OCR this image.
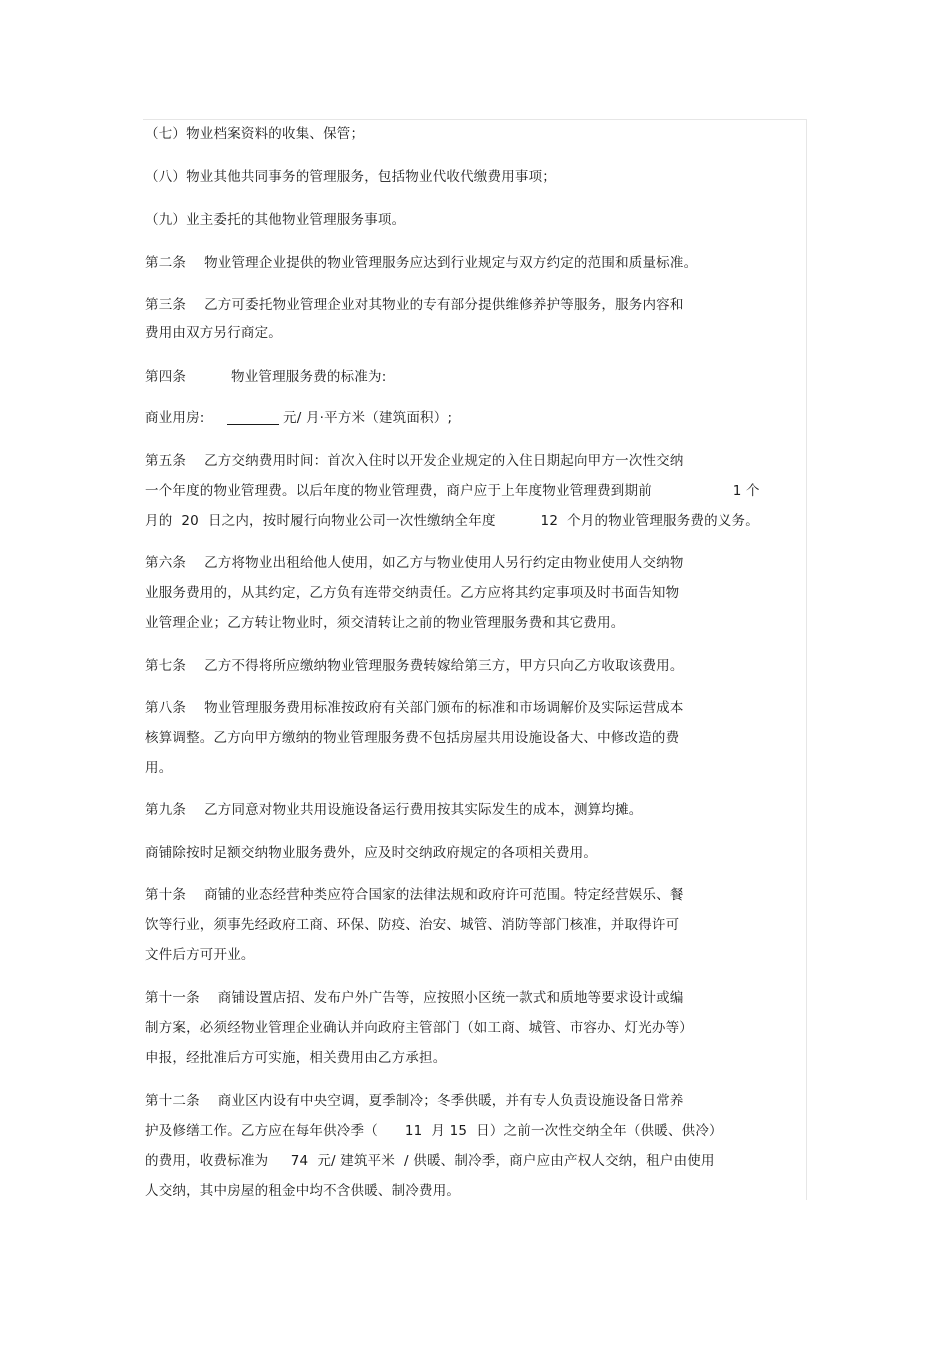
（七）物业档案资料的收集、保管；
（八）物业其他共同事务的管理服务，包括物业代收代缴费用事项；
（九）业主委托的其他物业管理服务事项。
第二条    物业管理企业提供的物业管理服务应达到行业规定与双方约定的范围和质量标准。
第三条    乙方可委托物业管理企业对其物业的专有部分提供维修养护等服务，服务内容和
费用由双方另行商定。
第四条          物业管理服务费的标准为:
商业用房:	元/ 月·平方米（建筑面积）;
第五条    乙方交纳费用时间：首次入住时以开发企业规定的入住日期起向甲方一次性交纳
一个年度的物业管理费。以后年度的物业管理费，商户应于上年度物业管理费到期前                  1 个
月的  20  日之内，按时履行向物业公司一次性缴纳全年度          12  个月的物业管理服务费的义务。
第六条    乙方将物业出租给他人使用，如乙方与物业使用人另行约定由物业使用人交纳物
业服务费用的，从其约定，乙方负有连带交纳责任。乙方应将其约定事项及时书面告知物
业管理企业；乙方转让物业时，须交清转让之前的物业管理服务费和其它费用。
第七条    乙方不得将所应缴纳物业管理服务费转嫁给第三方，甲方只向乙方收取该费用。
第八条    物业管理服务费用标准按政府有关部门颁布的标准和市场调解价及实际运营成本
核算调整。乙方向甲方缴纳的物业管理服务费不包括房屋共用设施设备大、中修改造的费
用。
第九条    乙方同意对物业共用设施设备运行费用按其实际发生的成本，测算均摊。
商铺除按时足额交纳物业服务费外，应及时交纳政府规定的各项相关费用。
第十条    商铺的业态经营种类应符合国家的法律法规和政府许可范围。特定经营娱乐、餐
饮等行业，须事先经政府工商、环保、防疫、治安、城管、消防等部门核准，并取得许可
文件后方可开业。
第十一条    商铺设置店招、发布户外广告等，应按照小区统一款式和质地等要求设计或编
制方案，必须经物业管理企业确认并向政府主管部门（如工商、城管、市容办、灯光办等）
申报，经批准后方可实施，相关费用由乙方承担。
第十二条    商业区内设有中央空调，夏季制冷；冬季供暖，并有专人负责设施设备日常养
护及修缮工作。乙方应在每年供冷季（      11  月 15  日）之前一次性交纳全年（供暖、供冷）
的费用，收费标准为     74  元/ 建筑平米  / 供暖、制冷季，商户应由产权人交纳，租户由使用
人交纳，其中房屋的租金中均不含供暖、制冷费用。
